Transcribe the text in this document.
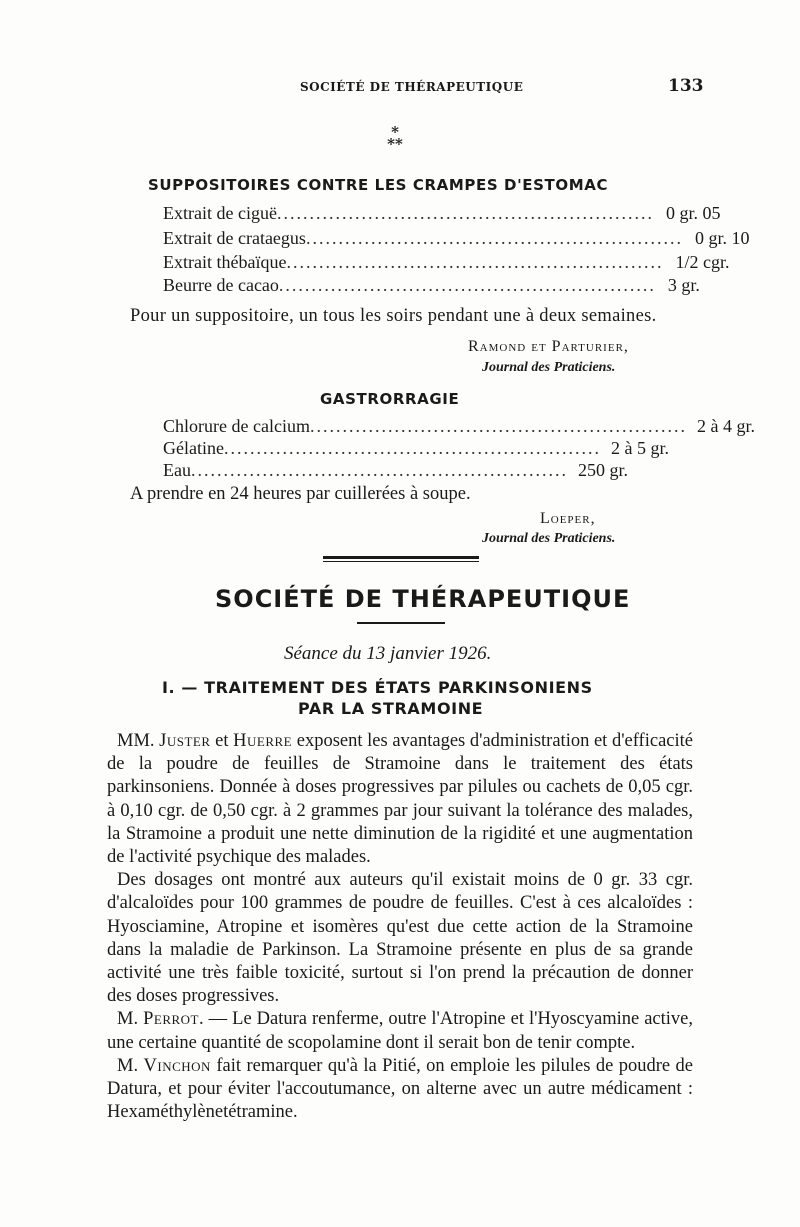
SOCIÉTÉ DE THÉRAPEUTIQUE	133
*
**
SUPPOSITOIRES CONTRE LES CRAMPES D'ESTOMAC
Extrait de ciguë .......................................................... 0 gr. 05
Extrait de crataegus .......................................................... 0 gr. 10
Extrait thébaïque .......................................................... 1/2 cgr.
Beurre de cacao .......................................................... 3 gr.
Pour un suppositoire, un tous les soirs pendant une à deux semaines.
Ramond et Parturier,
Journal des Praticiens.
GASTRORRAGIE
Chlorure de calcium .......................................................... 2 à 4 gr.
Gélatine .......................................................... 2 à 5 gr.
Eau .......................................................... 250 gr.
A prendre en 24 heures par cuillerées à soupe.
Loeper,
Journal des Praticiens.
SOCIÉTÉ DE THÉRAPEUTIQUE
Séance du 13 janvier 1926.
I. — TRAITEMENT DES ÉTATS PARKINSONIENS
PAR LA STRAMOINE

MM. Juster et Huerre exposent les avantages d'administration et d'efficacité de la poudre de feuilles de Stramoine dans le traitement des états parkinsoniens. Donnée à doses progressives par pilules ou cachets de 0,05 cgr. à 0,10 cgr. de 0,50 cgr. à 2 grammes par jour suivant la tolérance des malades, la Stramoine a produit une nette diminution de la rigidité et une augmentation de l'activité psychique des malades.

Des dosages ont montré aux auteurs qu'il existait moins de 0 gr. 33 cgr. d'alcaloïdes pour 100 grammes de poudre de feuilles. C'est à ces alcaloïdes : Hyosciamine, Atropine et isomères qu'est due cette action de la Stramoine dans la maladie de Parkinson. La Stramoine présente en plus de sa grande activité une très faible toxicité, surtout si l'on prend la précaution de donner des doses progressives.

M. Perrot. — Le Datura renferme, outre l'Atropine et l'Hyoscyamine active, une certaine quantité de scopolamine dont il serait bon de tenir compte.

M. Vinchon fait remarquer qu'à la Pitié, on emploie les pilules de poudre de Datura, et pour éviter l'accoutumance, on alterne avec un autre médicament : Hexaméthylènetétramine.
